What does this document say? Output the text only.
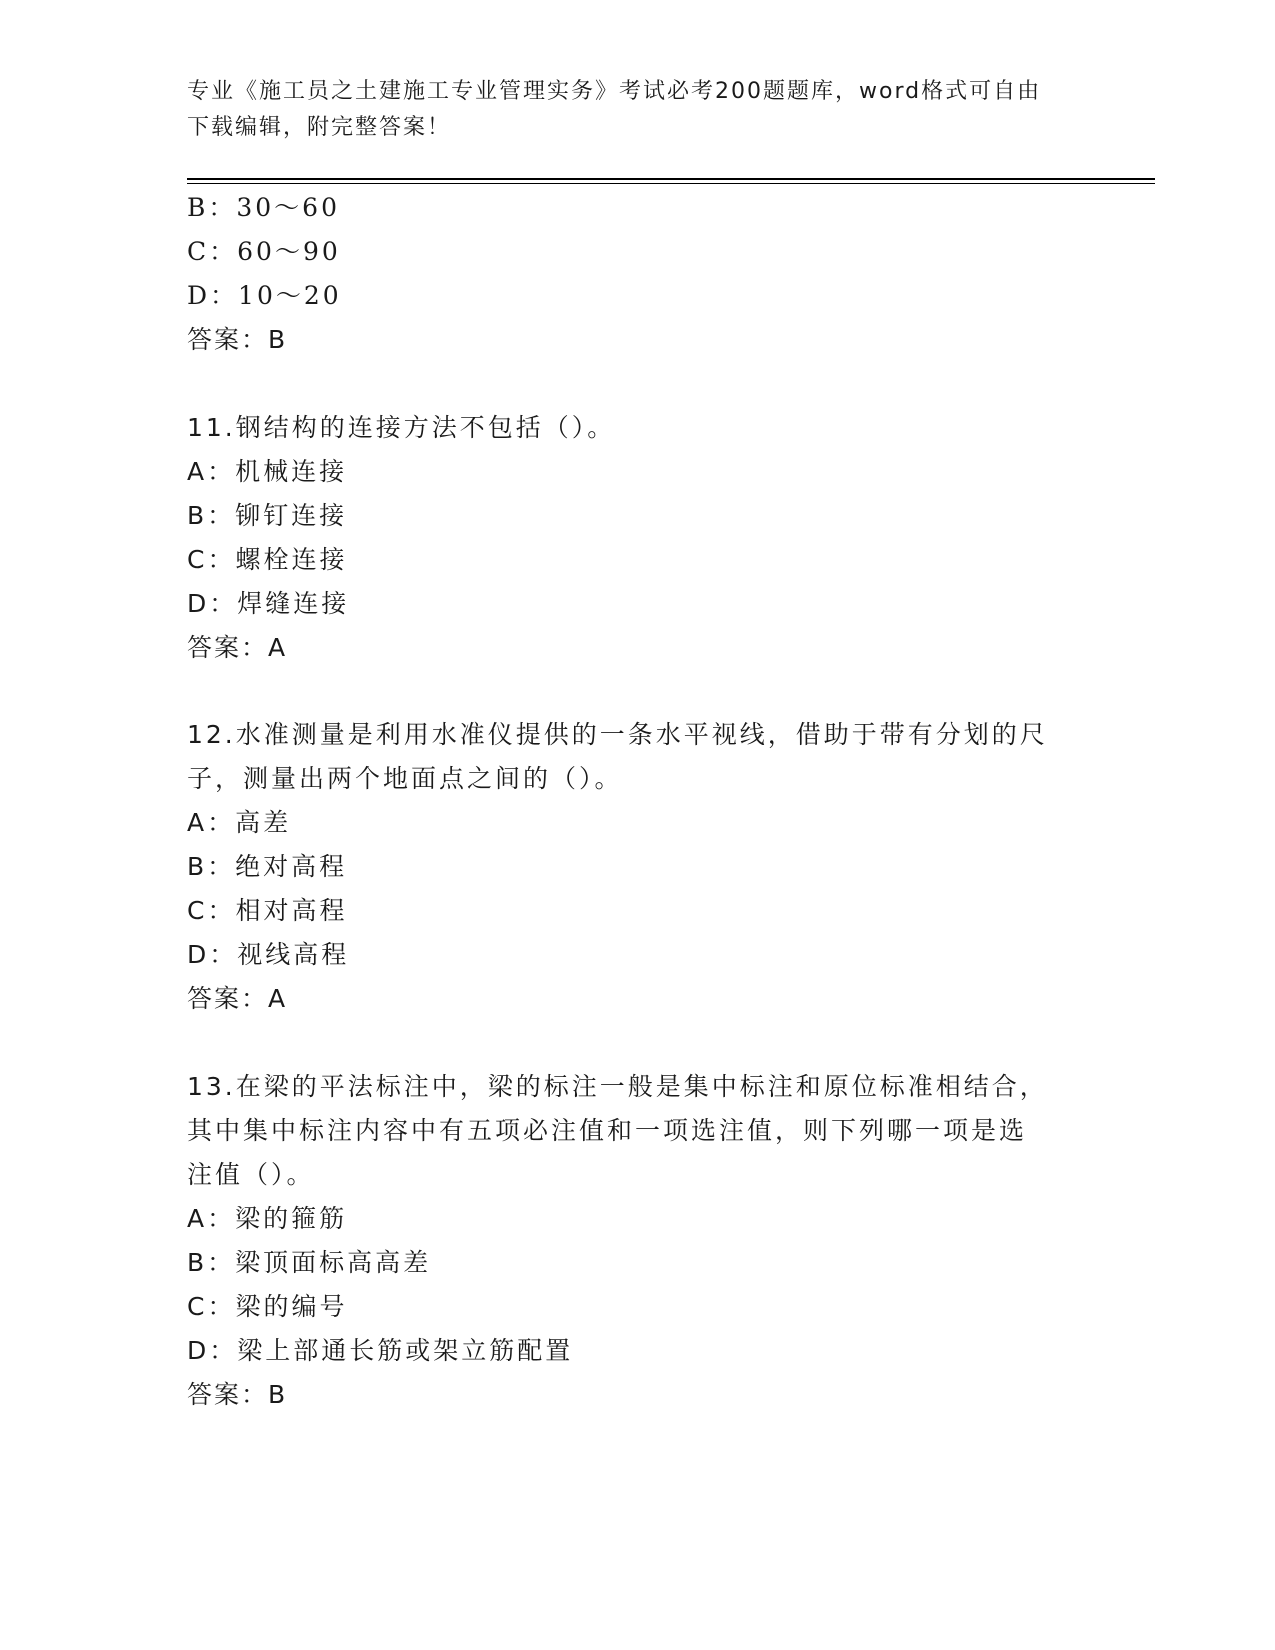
专业《施工员之土建施工专业管理实务》考试必考200题题库，word格式可自由
下载编辑，附完整答案！
B：30～60
C：60～90
D：10～20
答案：B
11.钢结构的连接方法不包括（）。
A：机械连接
B：铆钉连接
C：螺栓连接
D：焊缝连接
答案：A
12.水准测量是利用水准仪提供的一条水平视线，借助于带有分划的尺
子，测量出两个地面点之间的（）。
A：高差
B：绝对高程
C：相对高程
D：视线高程
答案：A
13.在梁的平法标注中，梁的标注一般是集中标注和原位标准相结合，
其中集中标注内容中有五项必注值和一项选注值，则下列哪一项是选
注值（）。
A：梁的箍筋
B：梁顶面标高高差
C：梁的编号
D：梁上部通长筋或架立筋配置
答案：B
